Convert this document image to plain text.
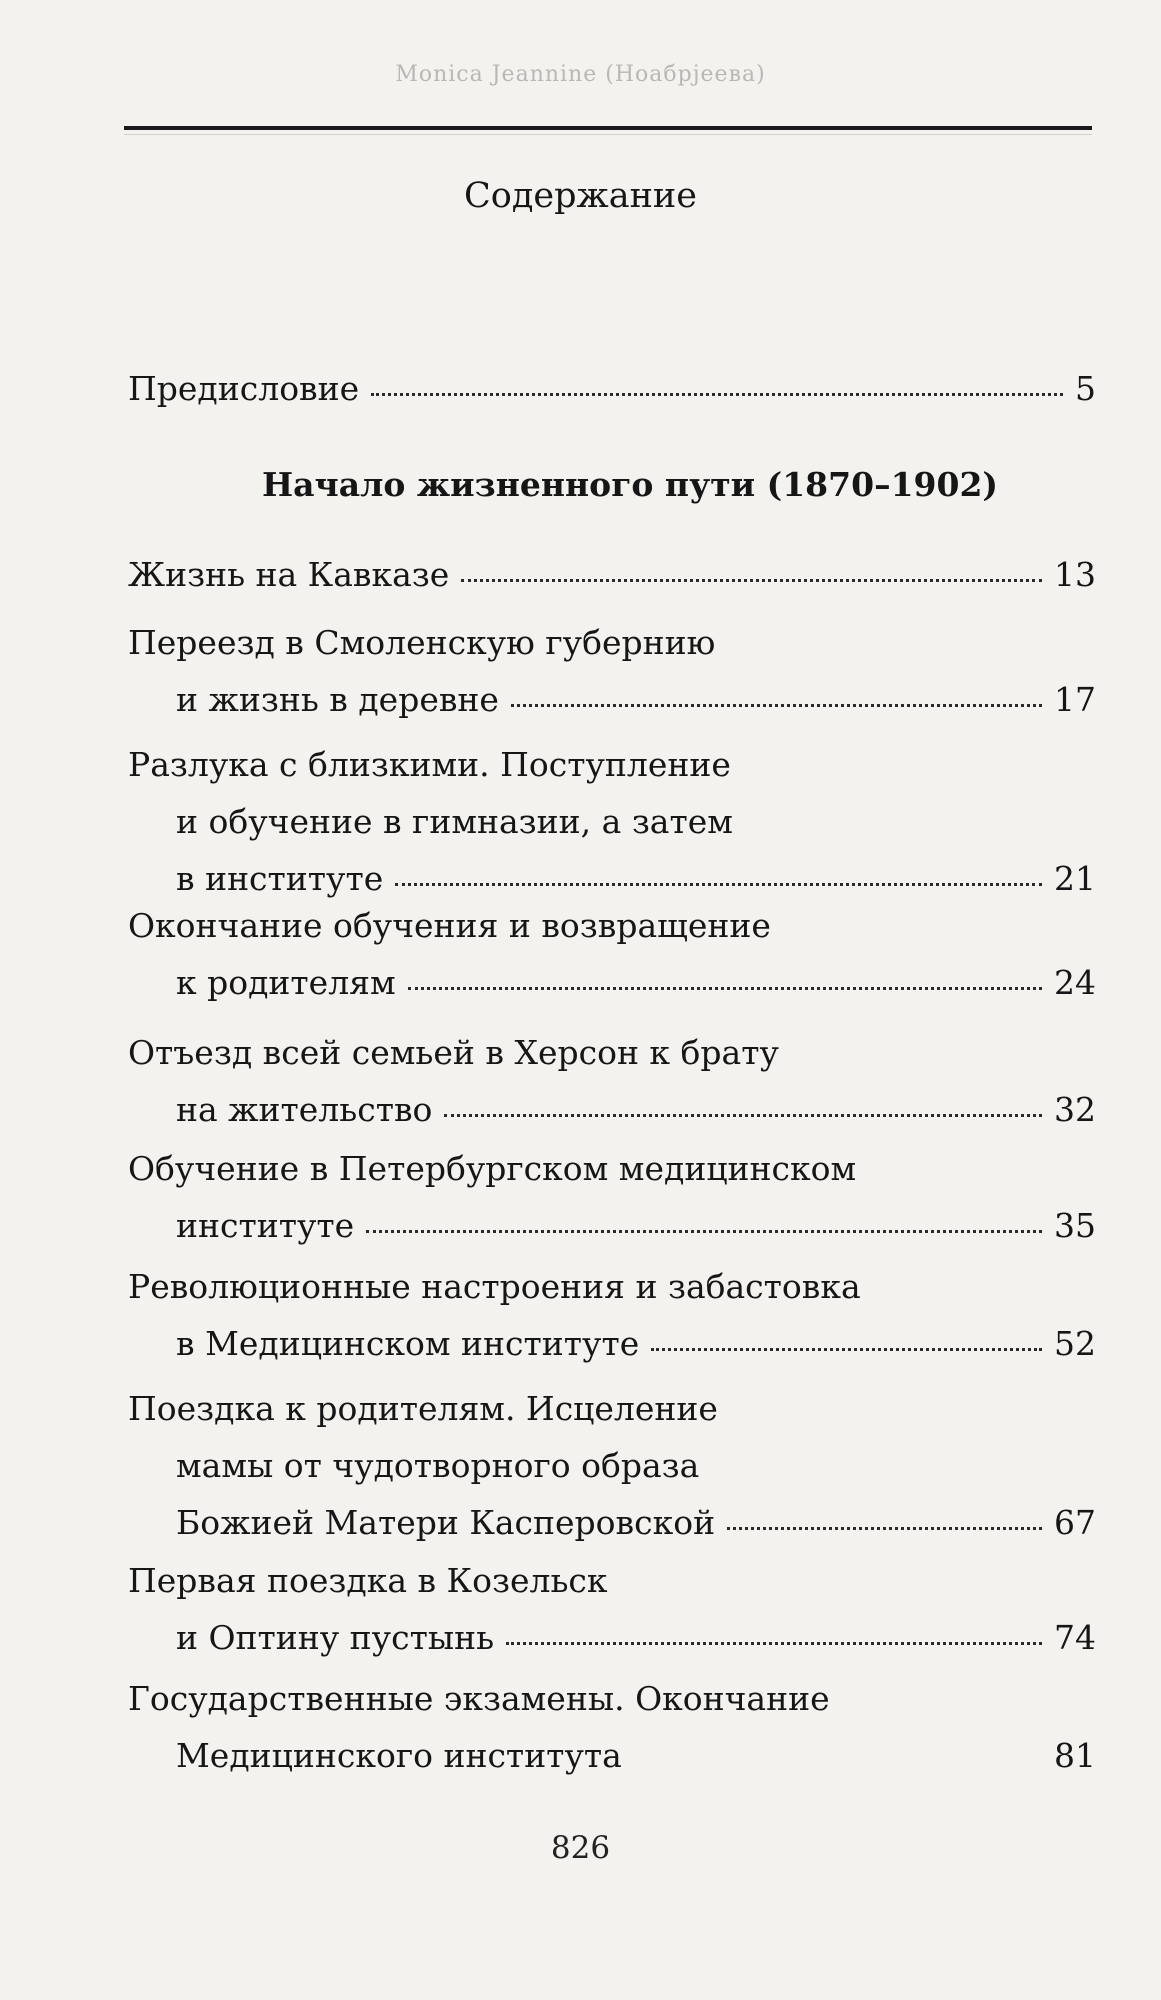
Monica Jeannine (Ноабрjеева)
Содержание
Предисловие	5
Начало жизненного пути (1870–1902)
Жизнь на Кавказе	13
Переезд в Смоленскую губернию
и жизнь в деревне	17
Разлука с близкими. Поступление
и обучение в гимназии, а затем
в институте	21
Окончание обучения и возвращение
к родителям	24
Отъезд всей семьей в Херсон к брату
на жительство	32
Обучение в Петербургском медицинском
институте	35
Революционные настроения и забастовка
в Медицинском институте	52
Поездка к родителям. Исцеление
мамы от чудотворного образа
Божией Матери Касперовской	67
Первая поездка в Козельск
и Оптину пустынь	74
Государственные экзамены. Окончание
Медицинского института	81
826
